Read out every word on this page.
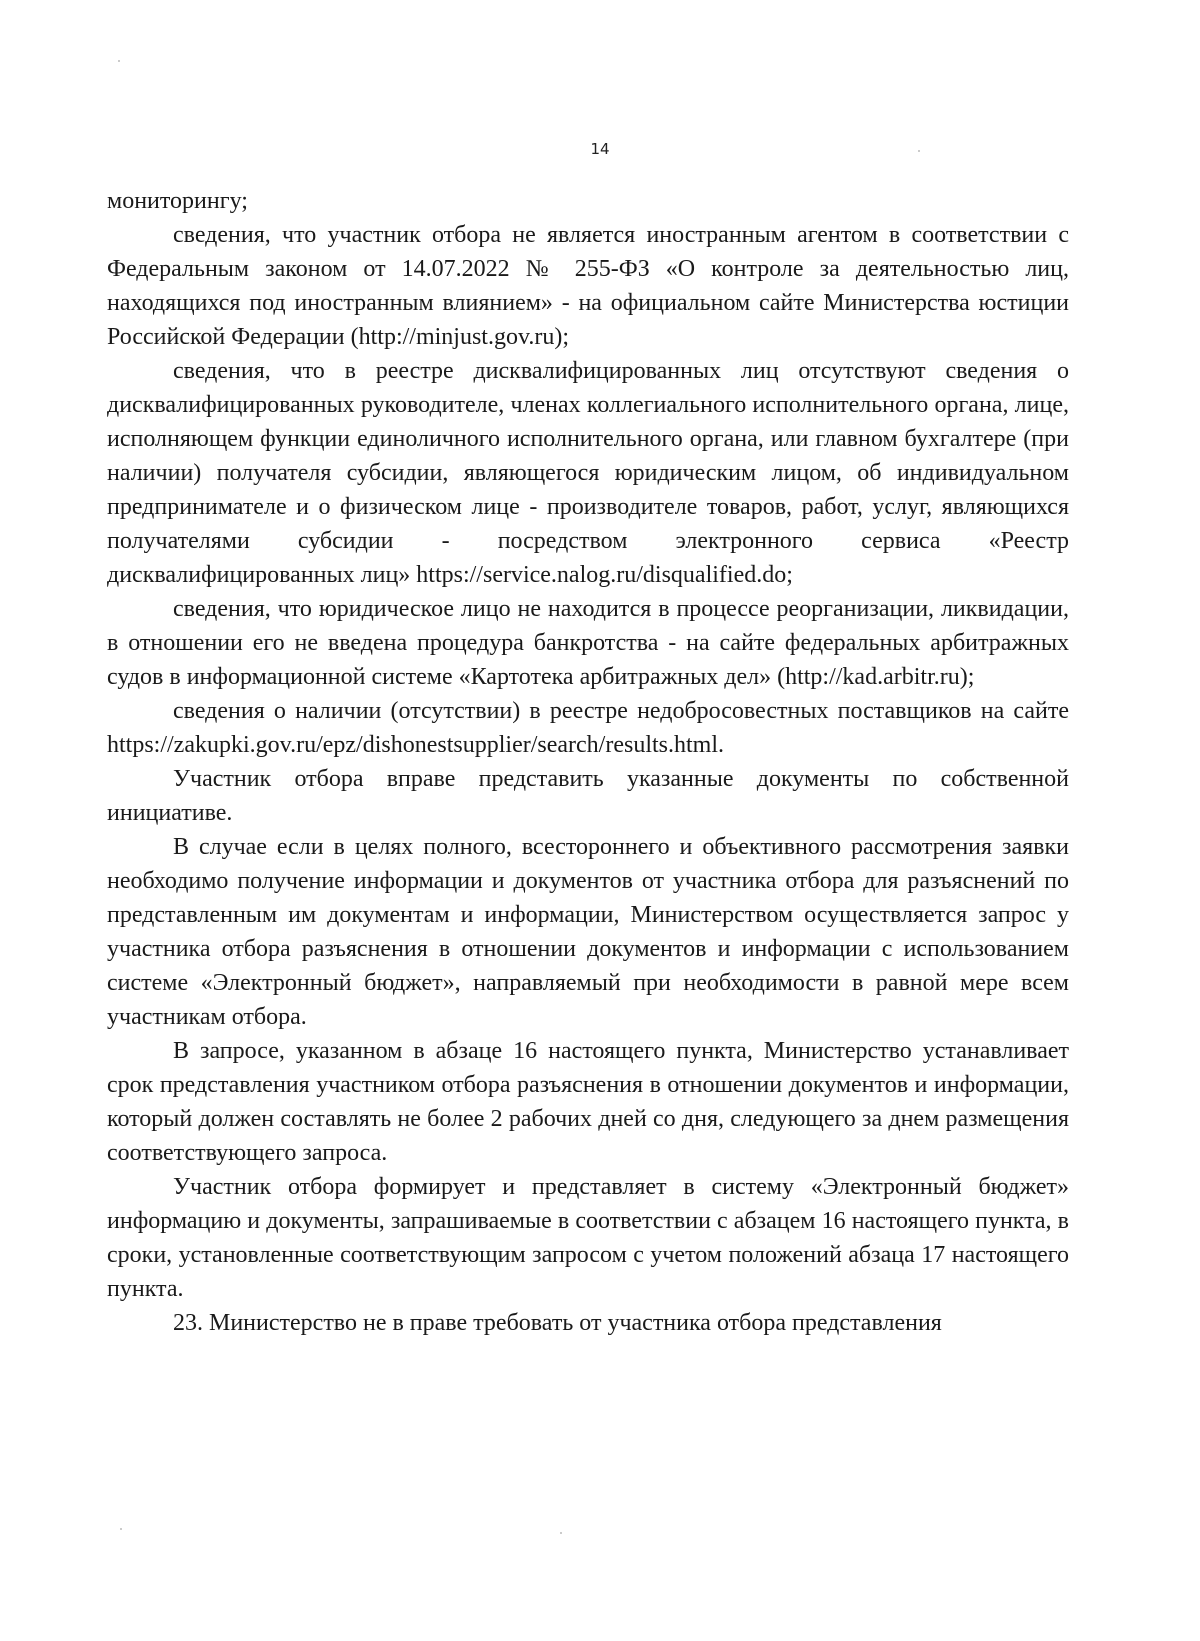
14

мониторингу;

сведения, что участник отбора не является иностранным агентом в соответствии с Федеральным законом от 14.07.2022 № 255-ФЗ «О контроле за деятельностью лиц, находящихся под иностранным влиянием» - на официальном сайте Министерства юстиции Российской Федерации (http://minjust.gov.ru);

сведения, что в реестре дисквалифицированных лиц отсутствуют сведения о дисквалифицированных руководителе, членах коллегиального исполнительного органа, лице, исполняющем функции единоличного исполнительного органа, или главном бухгалтере (при наличии) получателя субсидии, являющегося юридическим лицом, об индивидуальном предпринимателе и о физическом лице - производителе товаров, работ, услуг, являющихся получателями субсидии - посредством электронного сервиса «Реестр дисквалифицированных лиц» https://service.nalog.ru/disqualified.do;

сведения, что юридическое лицо не находится в процессе реорганизации, ликвидации, в отношении его не введена процедура банкротства - на сайте федеральных арбитражных судов в информационной системе «Картотека арбитражных дел» (http://kad.arbitr.ru);

сведения о наличии (отсутствии) в реестре недобросовестных поставщиков на сайте https://zakupki.gov.ru/epz/dishonestsupplier/search/results.html.

Участник отбора вправе представить указанные документы по собственной инициативе.

В случае если в целях полного, всестороннего и объективного рассмотрения заявки необходимо получение информации и документов от участника отбора для разъяснений по представленным им документам и информации, Министерством осуществляется запрос у участника отбора разъяснения в отношении документов и информации с использованием системе «Электронный бюджет», направляемый при необходимости в равной мере всем участникам отбора.

В запросе, указанном в абзаце 16 настоящего пункта, Министерство устанавливает срок представления участником отбора разъяснения в отношении документов и информации, который должен составлять не более 2 рабочих дней со дня, следующего за днем размещения соответствующего запроса.

Участник отбора формирует и представляет в систему «Электронный бюджет» информацию и документы, запрашиваемые в соответствии с абзацем 16 настоящего пункта, в сроки, установленные соответствующим запросом с учетом положений абзаца 17 настоящего пункта.

23. Министерство не в праве требовать от участника отбора представления
